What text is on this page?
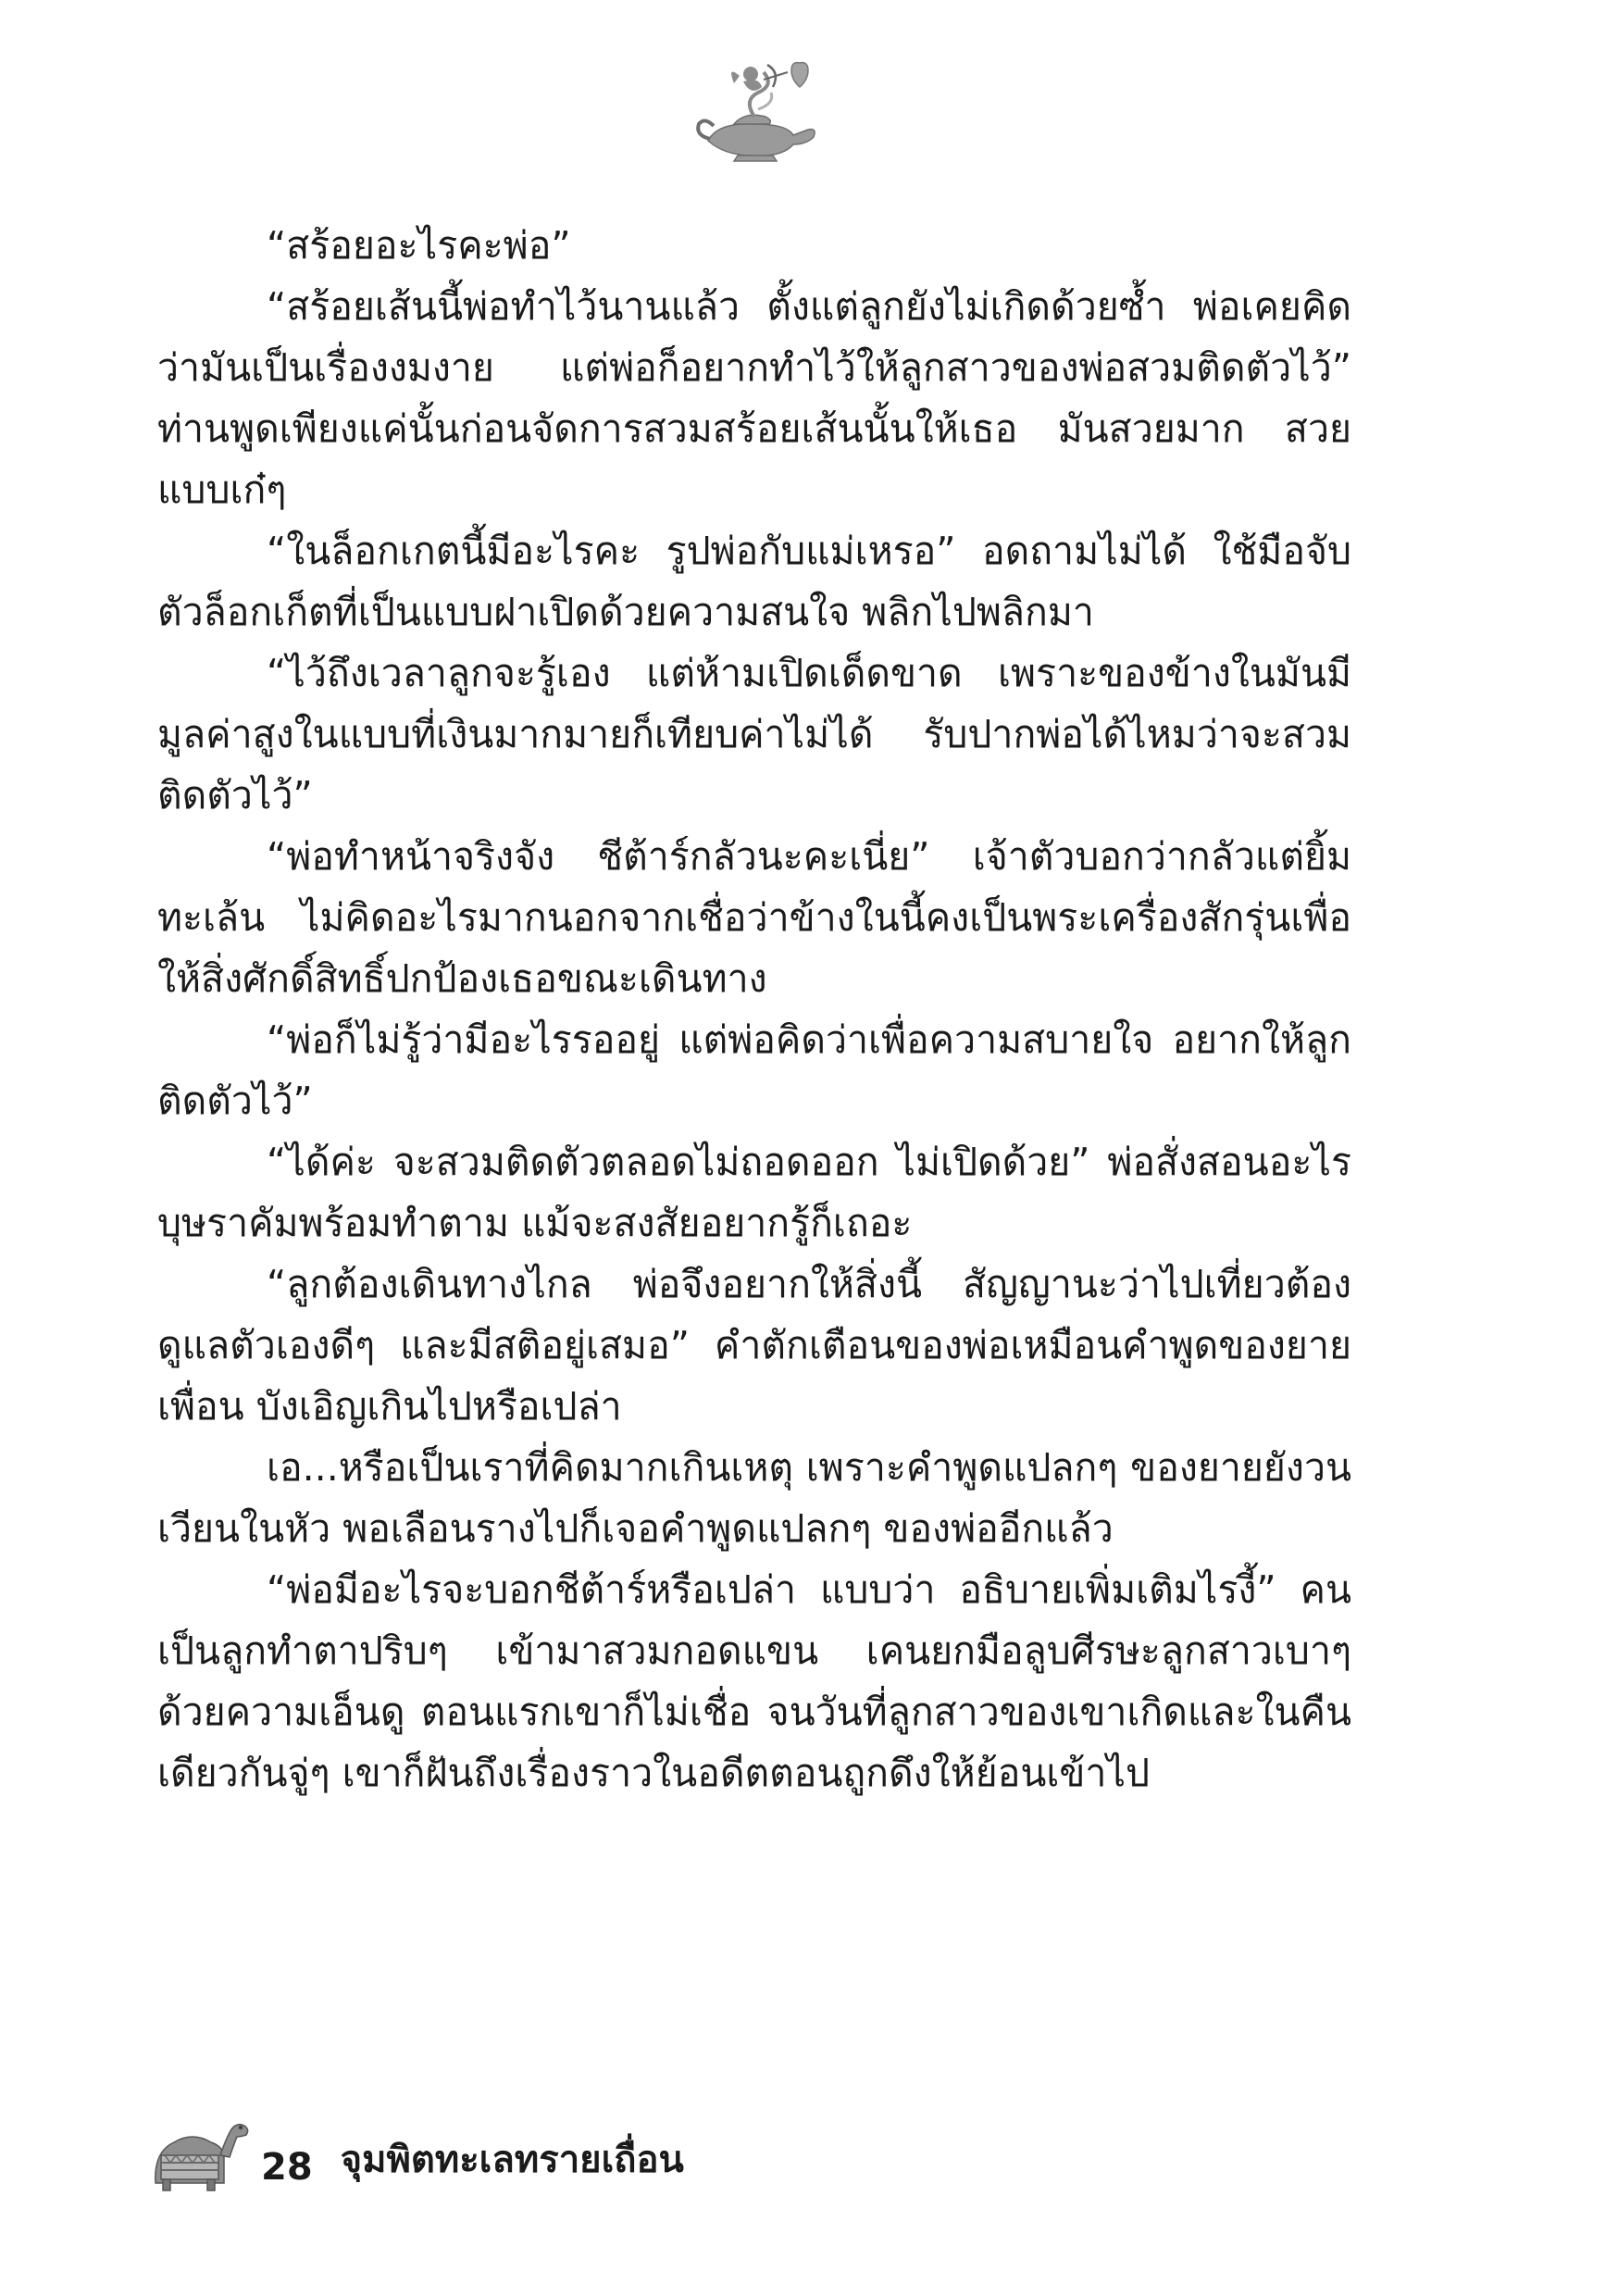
“สร้อยอะไรคะพ่อ”

“สร้อยเส้นนี้พ่อทำไว้นานแล้ว ตั้งแต่ลูกยังไม่เกิดด้วยซ้ำ พ่อเคยคิดว่ามันเป็นเรื่องงมงาย แต่พ่อก็อยากทำไว้ให้ลูกสาวของพ่อสวมติดตัวไว้” ท่านพูดเพียงแค่นั้นก่อนจัดการสวมสร้อยเส้นนั้นให้เธอ มันสวยมาก สวยแบบเก๋ๆ

“ในล็อกเกตนี้มีอะไรคะ รูปพ่อกับแม่เหรอ” อดถามไม่ได้ ใช้มือจับตัวล็อกเก็ตที่เป็นแบบฝาเปิดด้วยความสนใจ พลิกไปพลิกมา

“ไว้ถึงเวลาลูกจะรู้เอง แต่ห้ามเปิดเด็ดขาด เพราะของข้างในมันมีมูลค่าสูงในแบบที่เงินมากมายก็เทียบค่าไม่ได้ รับปากพ่อได้ไหมว่าจะสวมติดตัวไว้”

“พ่อทำหน้าจริงจัง ชีต้าร์กลัวนะคะเนี่ย” เจ้าตัวบอกว่ากลัวแต่ยิ้มทะเล้น ไม่คิดอะไรมากนอกจากเชื่อว่าข้างในนี้คงเป็นพระเครื่องสักรุ่นเพื่อให้สิ่งศักดิ์สิทธิ์ปกป้องเธอขณะเดินทาง

“พ่อก็ไม่รู้ว่ามีอะไรรออยู่ แต่พ่อคิดว่าเพื่อความสบายใจ อยากให้ลูกติดตัวไว้”

“ได้ค่ะ จะสวมติดตัวตลอดไม่ถอดออก ไม่เปิดด้วย” พ่อสั่งสอนอะไรบุษราคัมพร้อมทำตาม แม้จะสงสัยอยากรู้ก็เถอะ

“ลูกต้องเดินทางไกล พ่อจึงอยากให้สิ่งนี้ สัญญานะว่าไปเที่ยวต้องดูแลตัวเองดีๆ และมีสติอยู่เสมอ” คำตักเตือนของพ่อเหมือนคำพูดของยายเพื่อน บังเอิญเกินไปหรือเปล่า

เอ...หรือเป็นเราที่คิดมากเกินเหตุ เพราะคำพูดแปลกๆ ของยายยังวนเวียนในหัว พอเลือนรางไปก็เจอคำพูดแปลกๆ ของพ่ออีกแล้ว

“พ่อมีอะไรจะบอกชีต้าร์หรือเปล่า แบบว่า อธิบายเพิ่มเติมไรงี้” คนเป็นลูกทำตาปริบๆ เข้ามาสวมกอดแขน เคนยกมือลูบศีรษะลูกสาวเบาๆ ด้วยความเอ็นดู ตอนแรกเขาก็ไม่เชื่อ จนวันที่ลูกสาวของเขาเกิดและในคืนเดียวกันจู่ๆ เขาก็ฝันถึงเรื่องราวในอดีตตอนถูกดึงให้ย้อนเข้าไป

28 จุมพิตทะเลทรายเถื่อน
